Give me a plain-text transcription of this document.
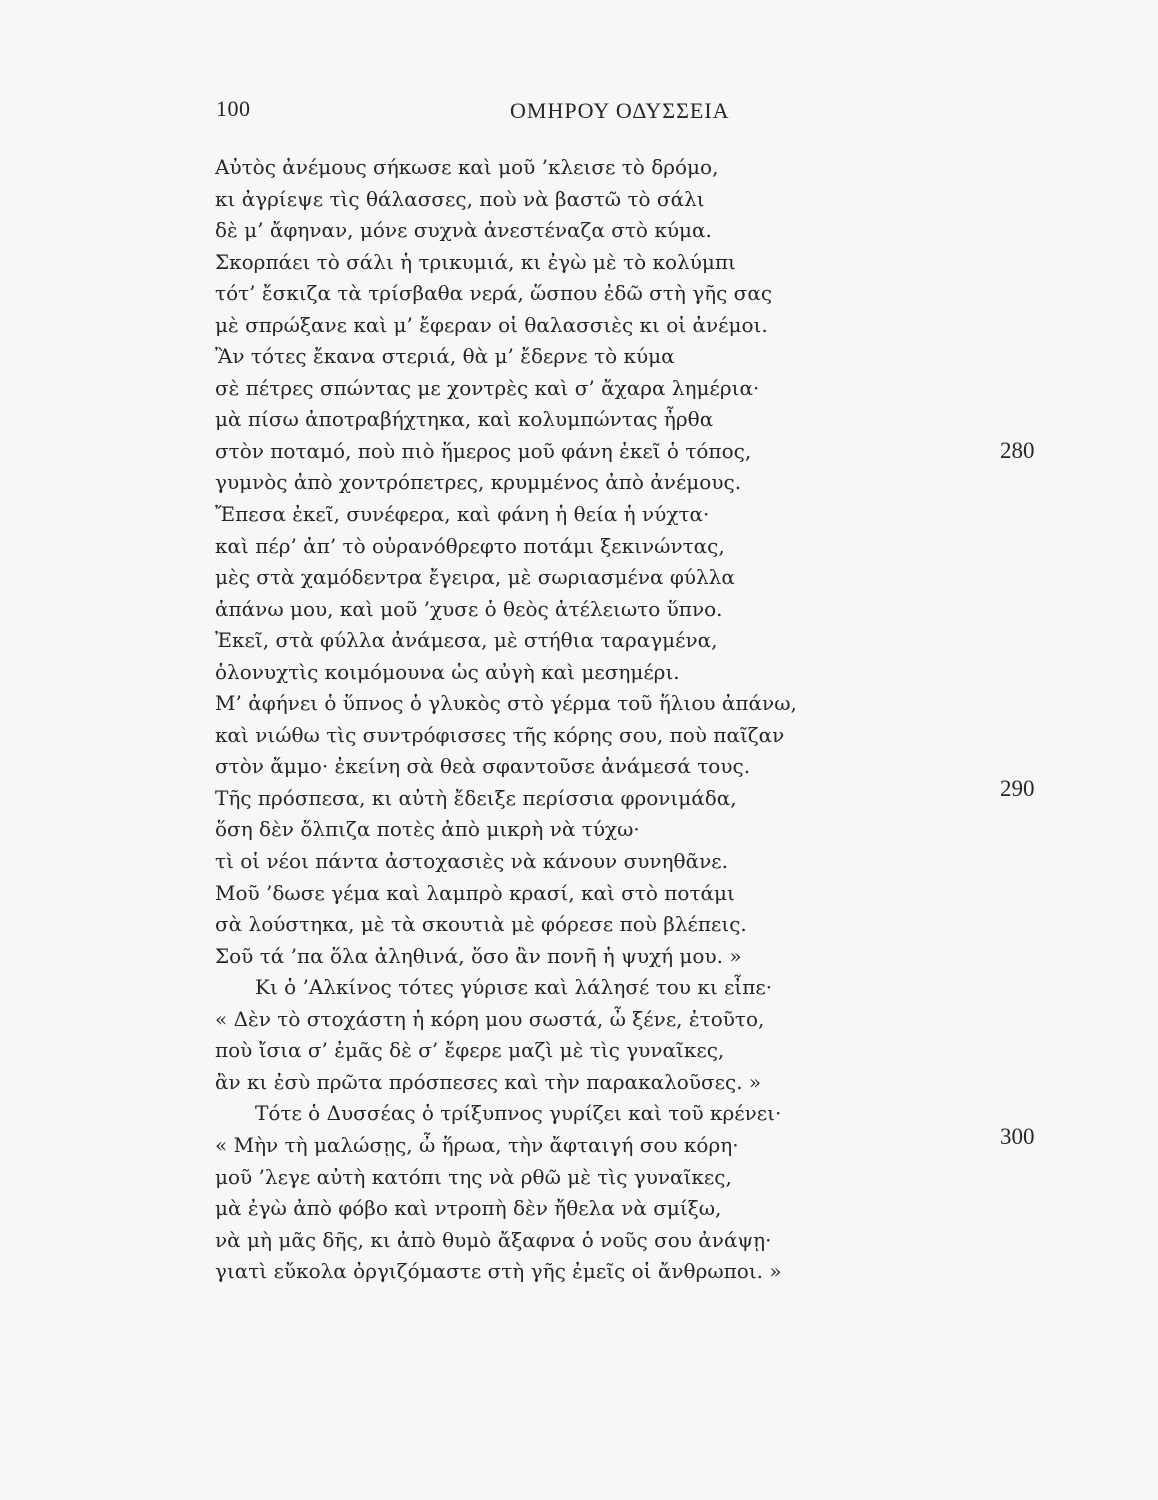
100	ΟΜΗΡΟΥ ΟΔΥΣΣΕΙΑ
Αὐτὸς ἀνέμους σήκωσε καὶ μοῦ ’κλεισε τὸ δρόμο,
κι ἀγρίεψε τὶς θάλασσες, ποὺ νὰ βαστῶ τὸ σάλι
δὲ μ’ ἄφηναν, μόνε συχνὰ ἀνεστέναζα στὸ κύμα.
Σκορπάει τὸ σάλι ἡ τρικυμιά, κι ἐγὼ μὲ τὸ κολύμπι
τότ’ ἔσκιζα τὰ τρίσβαθα νερά, ὥσπου ἐδῶ στὴ γῆς σας
μὲ σπρώξανε καὶ μ’ ἔφεραν οἱ θαλασσιὲς κι οἱ ἀνέμοι.
Ἂν τότες ἔκανα στεριά, θὰ μ’ ἔδερνε τὸ κύμα
σὲ πέτρες σπώντας με χοντρὲς καὶ σ’ ἄχαρα λημέρια·
μὰ πίσω ἀποτραβήχτηκα, καὶ κολυμπώντας ἦρθα
στὸν ποταμό, ποὺ πιὸ ἥμερος μοῦ φάνη ἐκεῖ ὁ τόπος,
γυμνὸς ἀπὸ χοντρόπετρες, κρυμμένος ἀπὸ ἀνέμους.
Ἔπεσα ἐκεῖ, συνέφερα, καὶ φάνη ἡ θεία ἡ νύχτα·
καὶ πέρ’ ἀπ’ τὸ οὐρανόθρεφτο ποτάμι ξεκινώντας,
μὲς στὰ χαμόδεντρα ἔγειρα, μὲ σωριασμένα φύλλα
ἀπάνω μου, καὶ μοῦ ’χυσε ὁ θεὸς ἀτέλειωτο ὕπνο.
Ἐκεῖ, στὰ φύλλα ἀνάμεσα, μὲ στήθια ταραγμένα,
ὁλονυχτὶς κοιμόμουνα ὡς αὐγὴ καὶ μεσημέρι.
Μ’ ἀφήνει ὁ ὕπνος ὁ γλυκὸς στὸ γέρμα τοῦ ἥλιου ἀπάνω,
καὶ νιώθω τὶς συντρόφισσες τῆς κόρης σου, ποὺ παῖζαν
στὸν ἄμμο· ἐκείνη σὰ θεὰ σφαντοῦσε ἀνάμεσά τους.
Τῆς πρόσπεσα, κι αὐτὴ ἔδειξε περίσσια φρονιμάδα,
ὅση δὲν ὄλπιζα ποτὲς ἀπὸ μικρὴ νὰ τύχω·
τὶ οἱ νέοι πάντα ἀστοχασιὲς νὰ κάνουν συνηθᾶνε.
Μοῦ ’δωσε γέμα καὶ λαμπρὸ κρασί, καὶ στὸ ποτάμι
σὰ λούστηκα, μὲ τὰ σκουτιὰ μὲ φόρεσε ποὺ βλέπεις.
Σοῦ τά ’πα ὅλα ἀληθινά, ὅσο ἂν πονῆ ἡ ψυχή μου. »
Κι ὁ ’Αλκίνος τότες γύρισε καὶ λάλησέ του κι εἶπε·
« Δὲν τὸ στοχάστη ἡ κόρη μου σωστά, ὦ ξένε, ἐτοῦτο,
ποὺ ἴσια σ’ ἐμᾶς δὲ σ’ ἔφερε μαζὶ μὲ τὶς γυναῖκες,
ἂν κι ἐσὺ πρῶτα πρόσπεσες καὶ τὴν παρακαλοῦσες. »
Τότε ὁ Δυσσέας ὁ τρίξυπνος γυρίζει καὶ τοῦ κρένει·
« Μὴν τὴ μαλώσῃς, ὦ ἥρωα, τὴν ἄφταιγή σου κόρη·
μοῦ ’λεγε αὐτὴ κατόπι της νὰ ρθῶ μὲ τὶς γυναῖκες,
μὰ ἐγὼ ἀπὸ φόβο καὶ ντροπὴ δὲν ἤθελα νὰ σμίξω,
νὰ μὴ μᾶς δῆς, κι ἀπὸ θυμὸ ἄξαφνα ὁ νοῦς σου ἀνάψῃ·
γιατὶ εὔκολα ὀργιζόμαστε στὴ γῆς ἐμεῖς οἱ ἄνθρωποι. »
280
290
300
